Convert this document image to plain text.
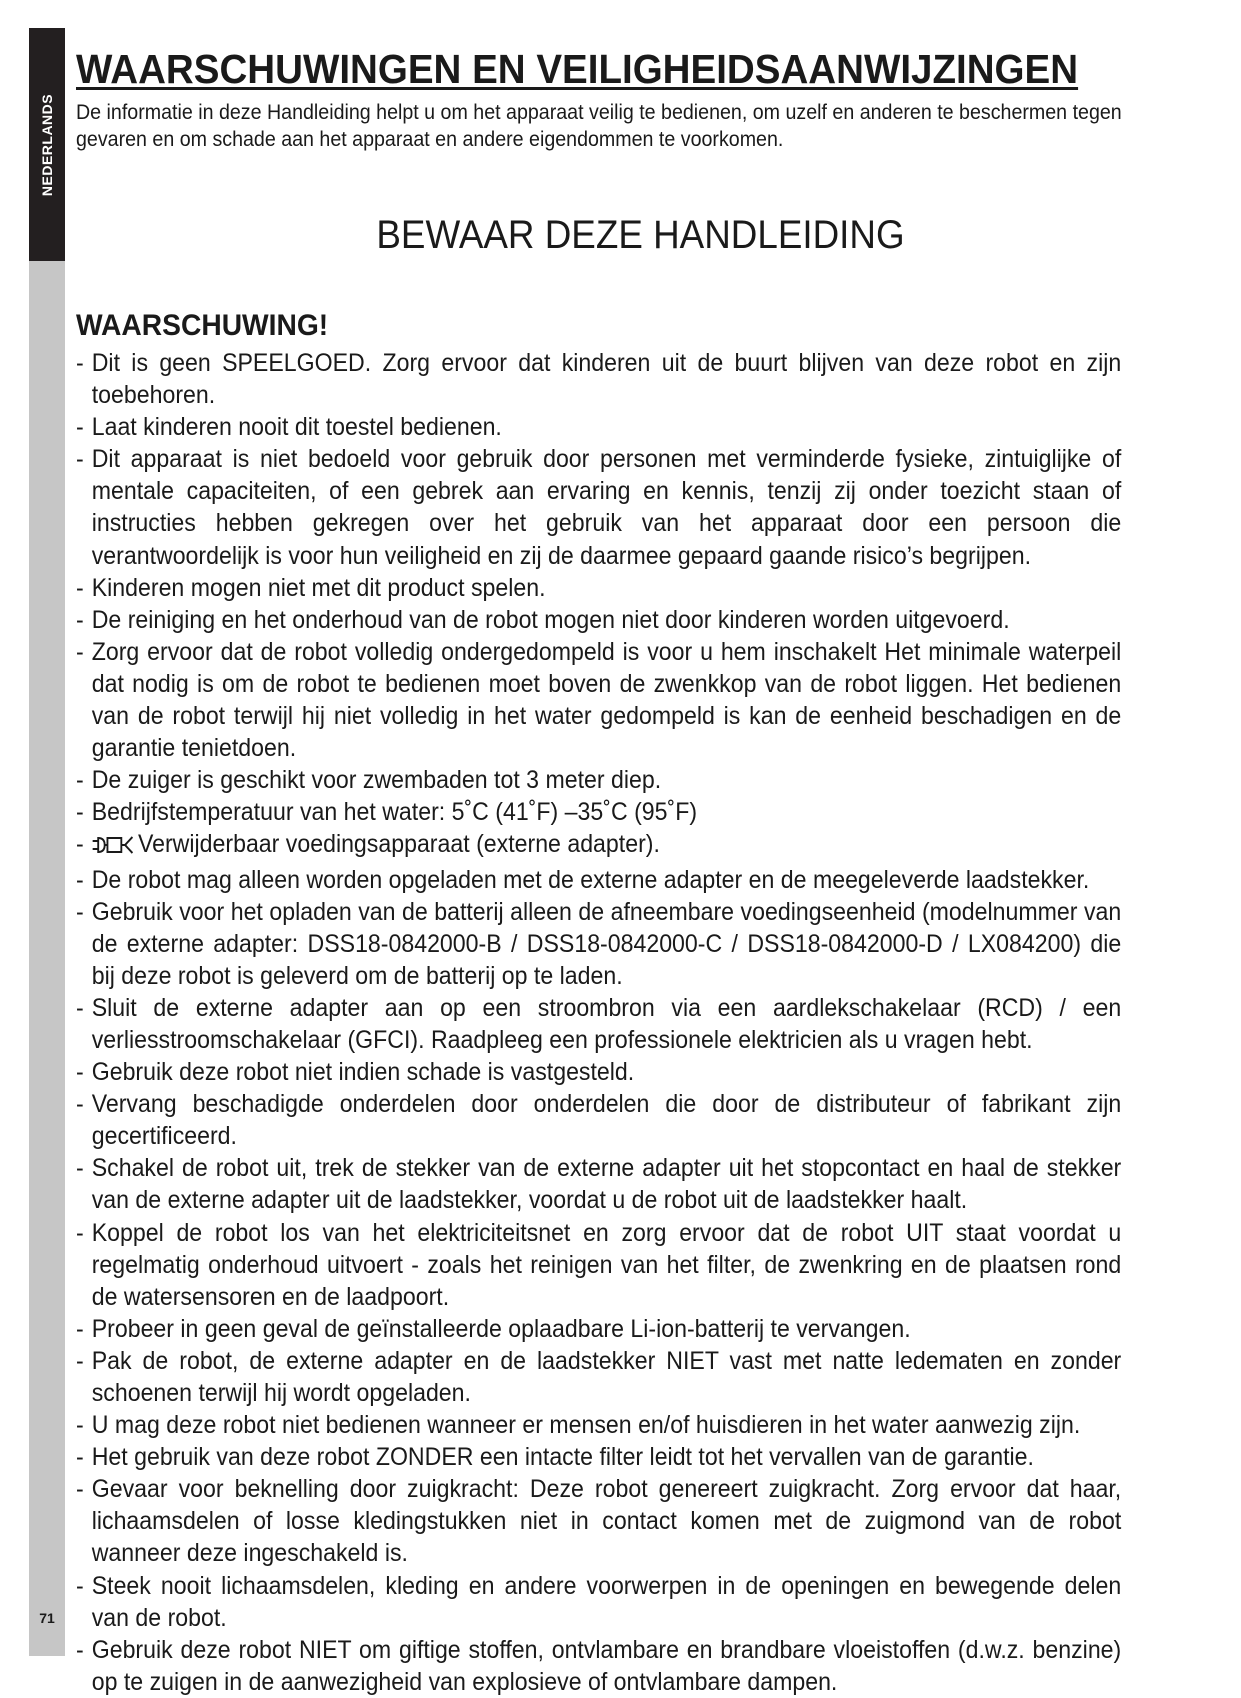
NEDERLANDS
71
WAARSCHUWINGEN EN VEILIGHEIDSAANWIJZINGEN

De informatie in deze Handleiding helpt u om het apparaat veilig te bedienen, om uzelf en anderen te beschermen tegen gevaren en om schade aan het apparaat en andere eigendommen te voorkomen.

BEWAAR DEZE HANDLEIDING
WAARSCHUWING!
- Dit is geen SPEELGOED. Zorg ervoor dat kinderen uit de buurt blijven van deze robot en zijn toebehoren.
- Laat kinderen nooit dit toestel bedienen.
- Dit apparaat is niet bedoeld voor gebruik door personen met verminderde fysieke, zintuiglijke of mentale capaciteiten, of een gebrek aan ervaring en kennis, tenzij zij onder toezicht staan of instructies hebben gekregen over het gebruik van het apparaat door een persoon die verantwoordelijk is voor hun veiligheid en zij de daarmee gepaard gaande risico’s begrijpen.
- Kinderen mogen niet met dit product spelen.
- De reiniging en het onderhoud van de robot mogen niet door kinderen worden uitgevoerd.
- Zorg ervoor dat de robot volledig ondergedompeld is voor u hem inschakelt Het minimale waterpeil dat nodig is om de robot te bedienen moet boven de zwenkkop van de robot liggen. Het bedienen van de robot terwijl hij niet volledig in het water gedompeld is kan de eenheid beschadigen en de garantie tenietdoen.
- De zuiger is geschikt voor zwembaden tot 3 meter diep.
- Bedrijfstemperatuur van het water: 5˚C (41˚F) –35˚C (95˚F)
- Verwijderbaar voedingsapparaat (externe adapter).
- De robot mag alleen worden opgeladen met de externe adapter en de meegeleverde laadstekker.
- Gebruik voor het opladen van de batterij alleen de afneembare voedingseenheid (modelnummer van de externe adapter: DSS18-0842000-B / DSS18-0842000-C / DSS18-0842000-D / LX084200) die bij deze robot is geleverd om de batterij op te laden.
- Sluit de externe adapter aan op een stroombron via een aardlekschakelaar (RCD) / een verliesstroomschakelaar (GFCI). Raadpleeg een professionele elektricien als u vragen hebt.
- Gebruik deze robot niet indien schade is vastgesteld.
- Vervang beschadigde onderdelen door onderdelen die door de distributeur of fabrikant zijn gecertificeerd.
- Schakel de robot uit, trek de stekker van de externe adapter uit het stopcontact en haal de stekker van de externe adapter uit de laadstekker, voordat u de robot uit de laadstekker haalt.
- Koppel de robot los van het elektriciteitsnet en zorg ervoor dat de robot UIT staat voordat u regelmatig onderhoud uitvoert - zoals het reinigen van het filter, de zwenkring en de plaatsen rond de watersensoren en de laadpoort.
- Probeer in geen geval de geïnstalleerde oplaadbare Li-ion-batterij te vervangen.
- Pak de robot, de externe adapter en de laadstekker NIET vast met natte ledematen en zonder schoenen terwijl hij wordt opgeladen.
- U mag deze robot niet bedienen wanneer er mensen en/of huisdieren in het water aanwezig zijn.
- Het gebruik van deze robot ZONDER een intacte filter leidt tot het vervallen van de garantie.
- Gevaar voor beknelling door zuigkracht: Deze robot genereert zuigkracht. Zorg ervoor dat haar, lichaamsdelen of losse kledingstukken niet in contact komen met de zuigmond van de robot wanneer deze ingeschakeld is.
- Steek nooit lichaamsdelen, kleding en andere voorwerpen in de openingen en bewegende delen van de robot.
- Gebruik deze robot NIET om giftige stoffen, ontvlambare en brandbare vloeistoffen (d.w.z. benzine) op te zuigen in de aanwezigheid van explosieve of ontvlambare dampen.
